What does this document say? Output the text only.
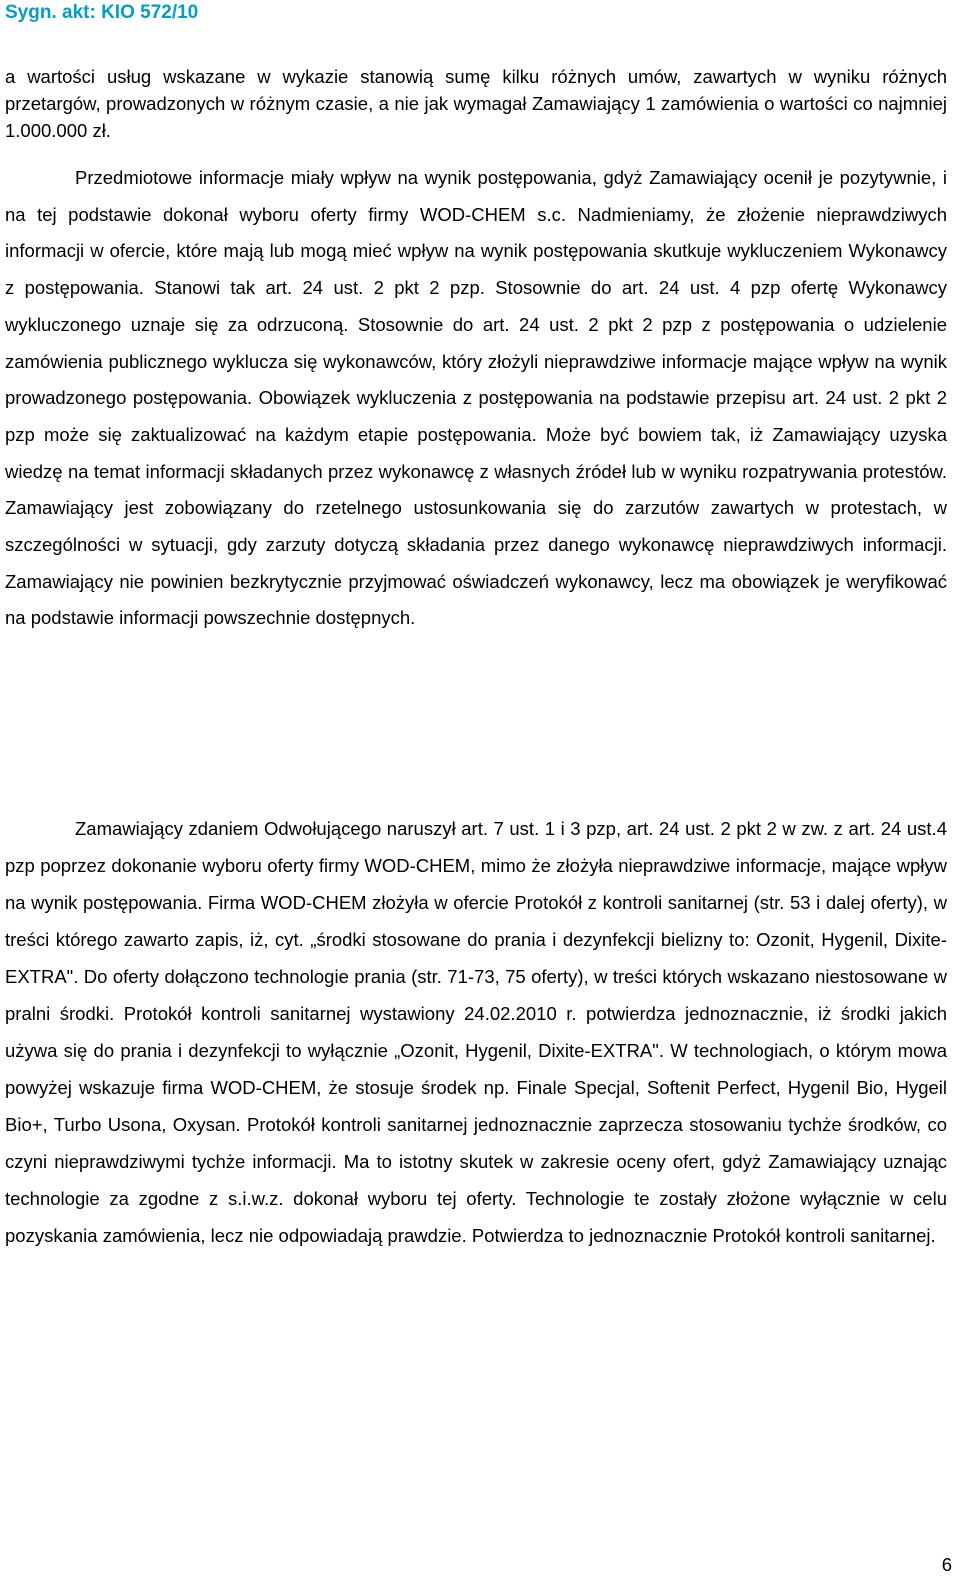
Sygn. akt: KIO 572/10

a wartości usług wskazane w wykazie stanowią sumę kilku różnych umów, zawartych w wyniku różnych przetargów, prowadzonych w różnym czasie, a nie jak wymagał Zamawiający 1 zamówienia o wartości co najmniej 1.000.000 zł.

Przedmiotowe informacje miały wpływ na wynik postępowania, gdyż Zamawiający ocenił je pozytywnie, i na tej podstawie dokonał wyboru oferty firmy WOD-CHEM s.c. Nadmieniamy, że złożenie nieprawdziwych informacji w ofercie, które mają lub mogą mieć wpływ na wynik postępowania skutkuje wykluczeniem Wykonawcy z postępowania. Stanowi tak art. 24 ust. 2 pkt 2 pzp. Stosownie do art. 24 ust. 4 pzp ofertę Wykonawcy wykluczonego uznaje się za odrzuconą. Stosownie do art. 24 ust. 2 pkt 2 pzp z postępowania o udzielenie zamówienia publicznego wyklucza się wykonawców, który złożyli nieprawdziwe informacje mające wpływ na wynik prowadzonego postępowania. Obowiązek wykluczenia z postępowania na podstawie przepisu art. 24 ust. 2 pkt 2 pzp może się zaktualizować na każdym etapie postępowania. Może być bowiem tak, iż Zamawiający uzyska wiedzę na temat informacji składanych przez wykonawcę z własnych źródeł lub w wyniku rozpatrywania protestów. Zamawiający jest zobowiązany do rzetelnego ustosunkowania się do zarzutów zawartych w protestach, w szczególności w sytuacji, gdy zarzuty dotyczą składania przez danego wykonawcę nieprawdziwych informacji. Zamawiający nie powinien bezkrytycznie przyjmować oświadczeń wykonawcy, lecz ma obowiązek je weryfikować na podstawie informacji powszechnie dostępnych.

Zamawiający zdaniem Odwołującego naruszył art. 7 ust. 1 i 3 pzp, art. 24 ust. 2 pkt 2 w zw. z art. 24 ust.4 pzp poprzez dokonanie wyboru oferty firmy WOD-CHEM, mimo że złożyła nieprawdziwe informacje, mające wpływ na wynik postępowania. Firma WOD-CHEM złożyła w ofercie Protokół z kontroli sanitarnej (str. 53 i dalej oferty), w treści którego zawarto zapis, iż, cyt. „środki stosowane do prania i dezynfekcji bielizny to: Ozonit, Hygenil, Dixite-EXTRA". Do oferty dołączono technologie prania (str. 71-73, 75 oferty), w treści których wskazano niestosowane w pralni środki. Protokół kontroli sanitarnej wystawiony 24.02.2010 r. potwierdza jednoznacznie, iż środki jakich używa się do prania i dezynfekcji to wyłącznie „Ozonit, Hygenil, Dixite-EXTRA". W technologiach, o którym mowa powyżej wskazuje firma WOD-CHEM, że stosuje środek np. Finale Specjal, Softenit Perfect, Hygenil Bio, Hygeil Bio+, Turbo Usona, Oxysan. Protokół kontroli sanitarnej jednoznacznie zaprzecza stosowaniu tychże środków, co czyni nieprawdziwymi tychże informacji. Ma to istotny skutek w zakresie oceny ofert, gdyż Zamawiający uznając technologie za zgodne z s.i.w.z. dokonał wyboru tej oferty. Technologie te zostały złożone wyłącznie w celu pozyskania zamówienia, lecz nie odpowiadają prawdzie. Potwierdza to jednoznacznie Protokół kontroli sanitarnej.

6
